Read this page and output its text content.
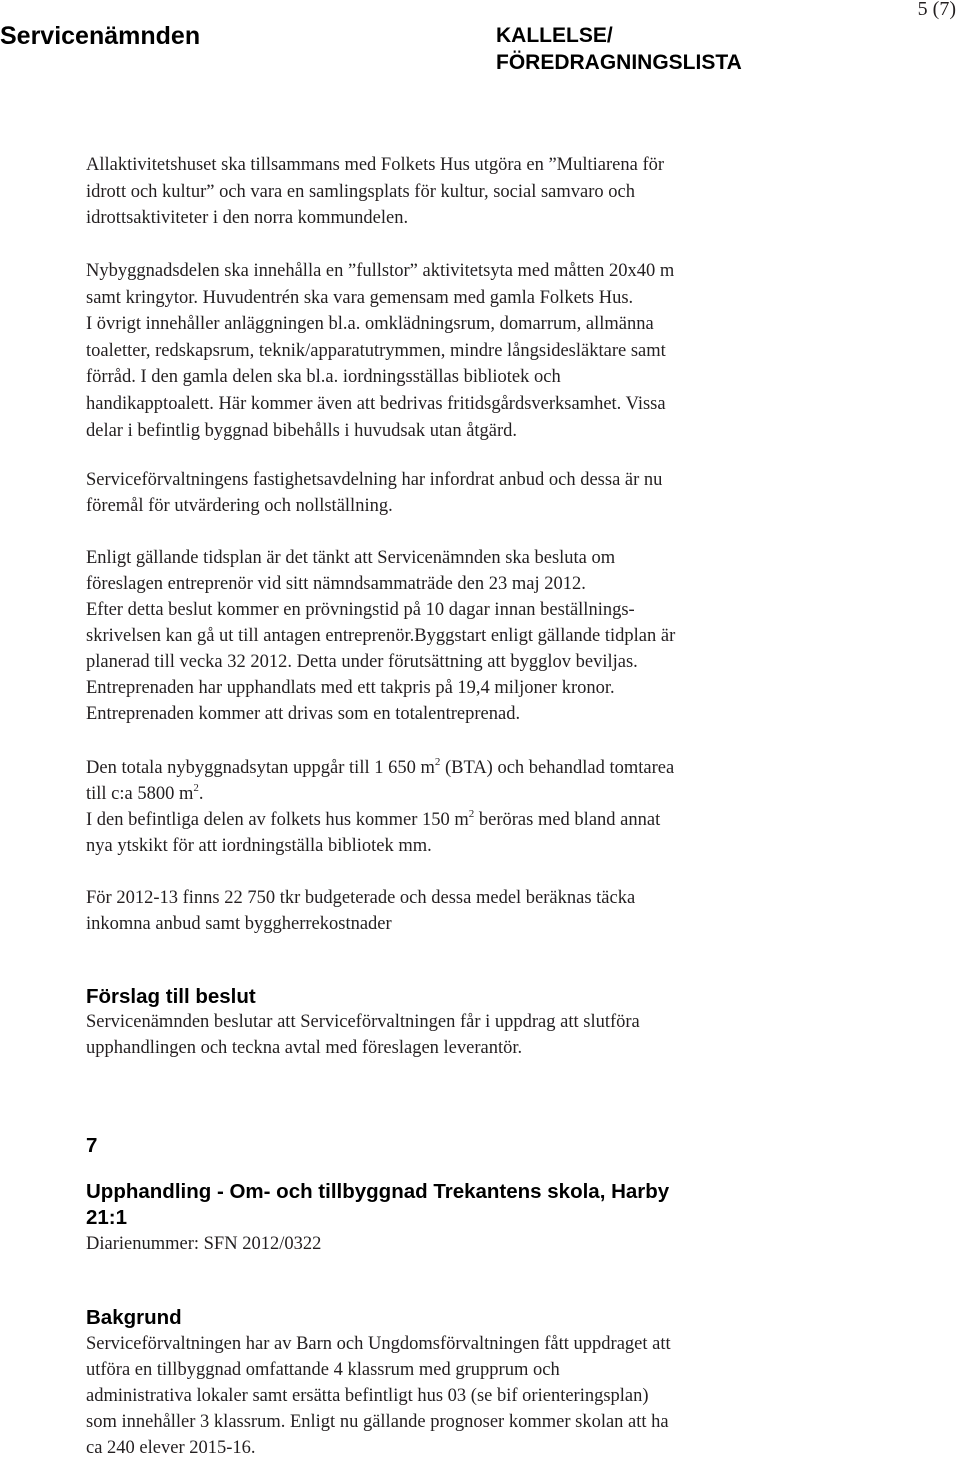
Servicenämnden	KALLELSE/
FÖREDRAGNINGSLISTA
5 (7)

Allaktivitetshuset ska tillsammans med Folkets Hus utgöra en ”Multiarena för
idrott och kultur” och vara en samlingsplats för kultur, social samvaro och
idrottsaktiviteter i den norra kommundelen.

Nybyggnadsdelen ska innehålla en ”fullstor” aktivitetsyta med måtten 20x40 m
samt kringytor. Huvudentrén ska vara gemensam med gamla Folkets Hus.
I övrigt innehåller anläggningen bl.a. omklädningsrum, domarrum, allmänna
toaletter, redskapsrum, teknik/apparatutrymmen, mindre långsidesläktare samt
förråd. I den gamla delen ska bl.a. iordningsställas bibliotek och
handikapptoalett. Här kommer även att bedrivas fritidsgårdsverksamhet. Vissa
delar i befintlig byggnad bibehålls i huvudsak utan åtgärd.

Serviceförvaltningens fastighetsavdelning har infordrat anbud och dessa är nu
föremål för utvärdering och nollställning.

Enligt gällande tidsplan är det tänkt att Servicenämnden ska besluta om
föreslagen entreprenör vid sitt nämndsammaträde den 23 maj 2012.
Efter detta beslut kommer en prövningstid på 10 dagar innan beställnings-
skrivelsen kan gå ut till antagen entreprenör.Byggstart enligt gällande tidplan är
planerad till vecka 32 2012. Detta under förutsättning att bygglov beviljas.
Entreprenaden har upphandlats med ett takpris på 19,4 miljoner kronor.
Entreprenaden kommer att drivas som en totalentreprenad.

Den totala nybyggnadsytan uppgår till 1 650 $m^2$ (BTA) och behandlad tomtarea
till c:a 5800 $m^2$.
I den befintliga delen av folkets hus kommer 150 $m^2$ beröras med bland annat
nya ytskikt för att iordningställa bibliotek mm.

För 2012-13 finns 22 750 tkr budgeterade och dessa medel beräknas täcka
inkomna anbud samt byggherrekostnader

Förslag till beslut

Servicenämnden beslutar att Serviceförvaltningen får i uppdrag att slutföra
upphandlingen och teckna avtal med föreslagen leverantör.

7
Upphandling - Om- och tillbyggnad Trekantens skola, Harby
21:1

Diarienummer: SFN 2012/0322

Bakgrund

Serviceförvaltningen har av Barn och Ungdomsförvaltningen fått uppdraget att
utföra en tillbyggnad omfattande 4 klassrum med grupprum och
administrativa lokaler samt ersätta befintligt hus 03 (se bif orienteringsplan)
som innehåller 3 klassrum. Enligt nu gällande prognoser kommer skolan att ha
ca 240 elever 2015-16.
